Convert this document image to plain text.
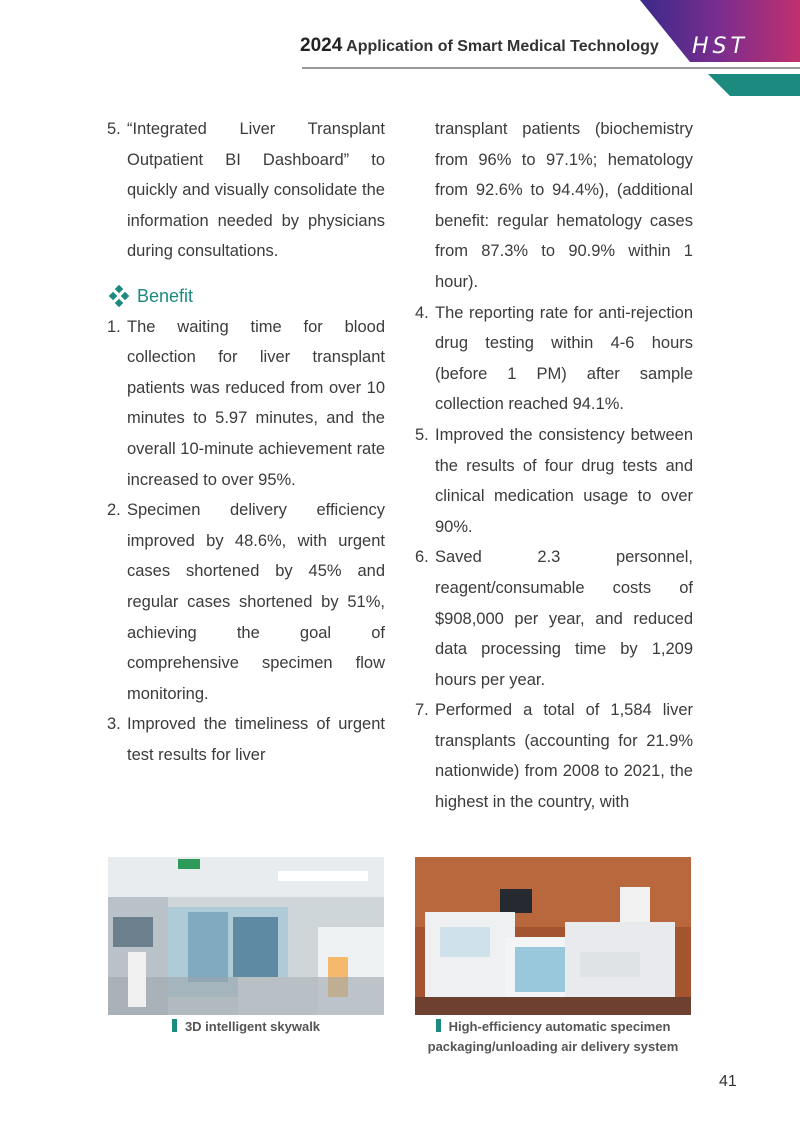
2024 Application of Smart Medical Technology HST
5. “Integrated Liver Transplant Outpatient BI Dashboard” to quickly and visually consolidate the information needed by physicians during consultations.
Benefit
1. The waiting time for blood collection for liver transplant patients was reduced from over 10 minutes to 5.97 minutes, and the overall 10-minute achievement rate increased to over 95%.
2. Specimen delivery efficiency improved by 48.6%, with urgent cases shortened by 45% and regular cases shortened by 51%, achieving the goal of comprehensive specimen flow monitoring.
3. Improved the timeliness of urgent test results for liver
transplant patients (biochemistry from 96% to 97.1%; hematology from 92.6% to 94.4%), (additional benefit: regular hematology cases from 87.3% to 90.9% within 1 hour).
4. The reporting rate for anti-rejection drug testing within 4-6 hours (before 1 PM) after sample collection reached 94.1%.
5. Improved the consistency between the results of four drug tests and clinical medication usage to over 90%.
6. Saved 2.3 personnel, reagent/consumable costs of $908,000 per year, and reduced data processing time by 1,209 hours per year.
7. Performed a total of 1,584 liver transplants (accounting for 21.9% nationwide) from 2008 to 2021, the highest in the country, with
3D intelligent skywalk	High-efficiency automatic specimen
packaging/unloading air delivery system
41
